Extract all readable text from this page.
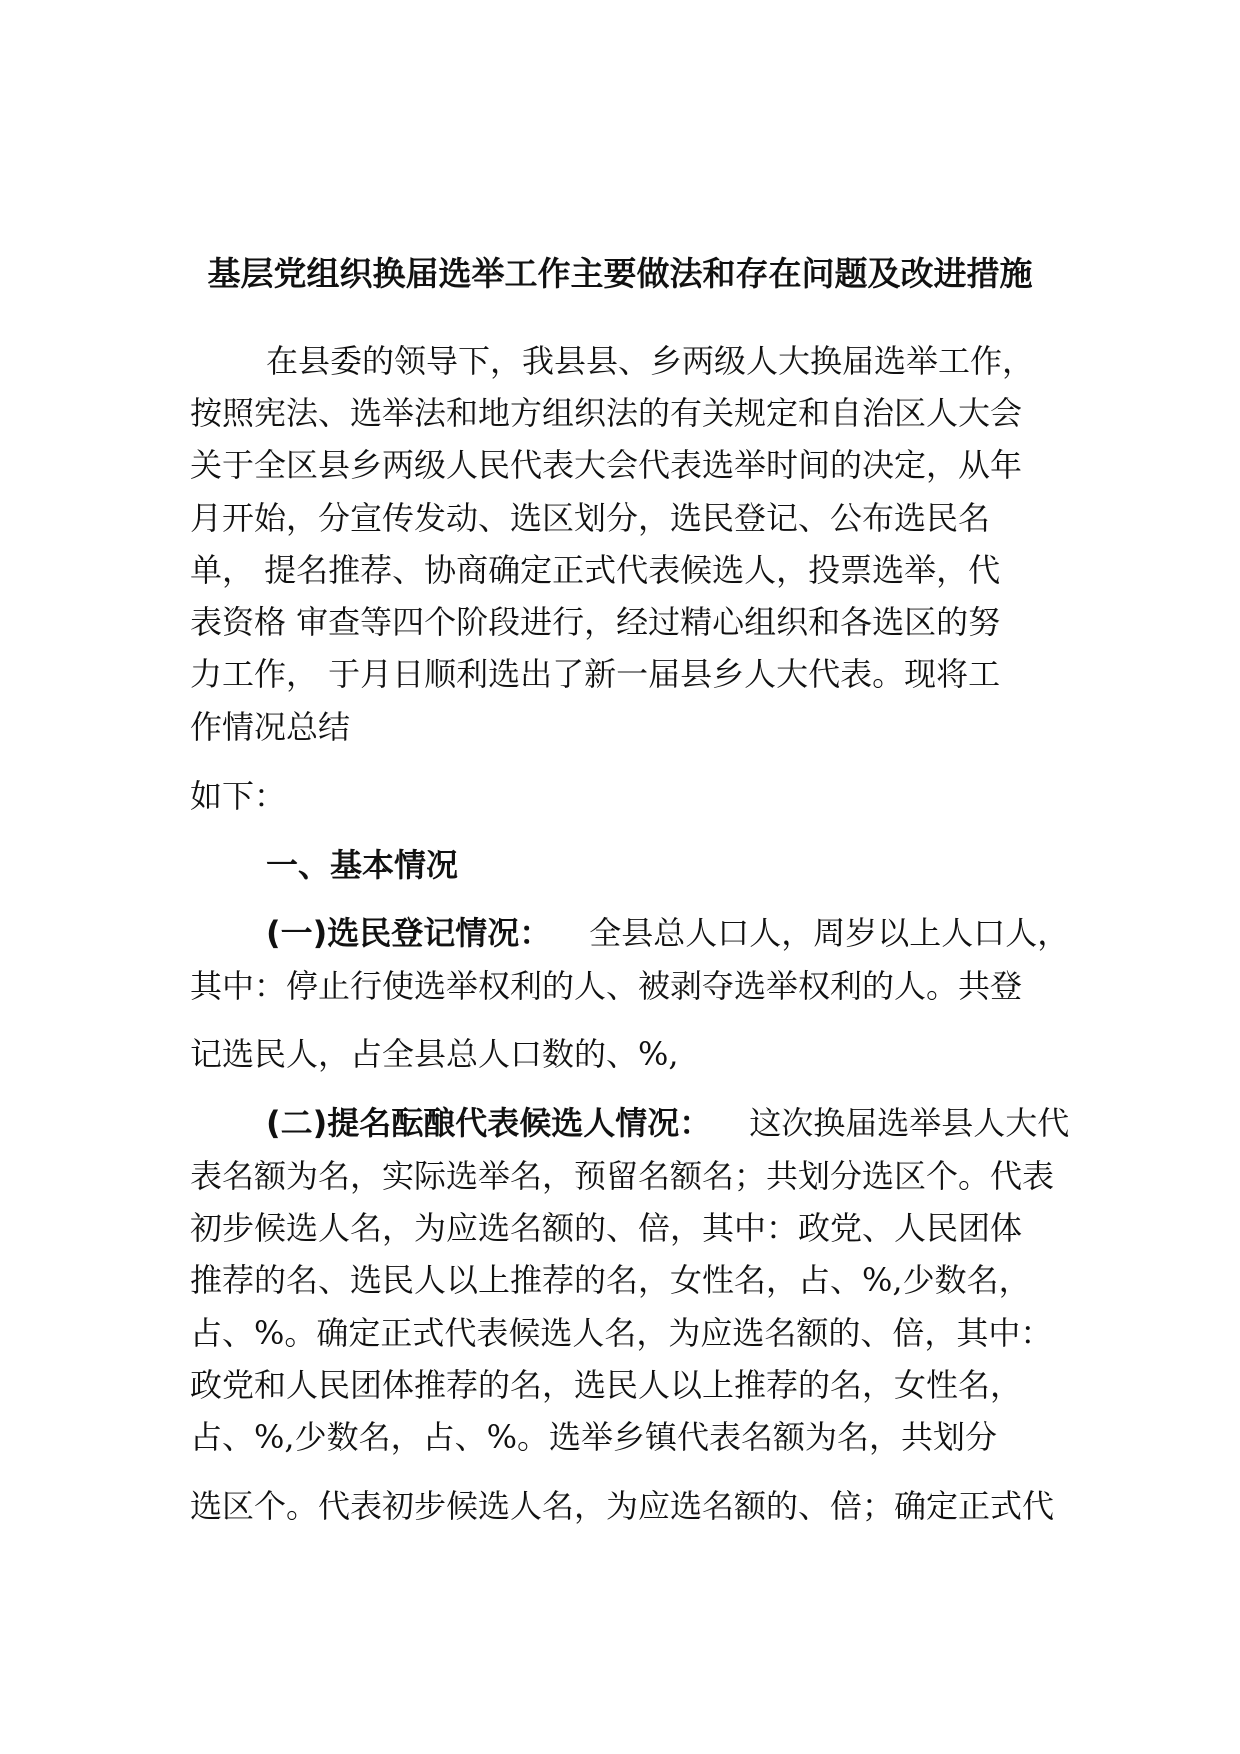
基层党组织换届选举工作主要做法和存在问题及改进措施

在县委的领导下，我县县、乡两级人大换届选举工作，

按照宪法、选举法和地方组织法的有关规定和自治区人大会

关于全区县乡两级人民代表大会代表选举时间的决定，从年

月开始，分宣传发动、选区划分，选民登记、公布选民名

单， 提名推荐、协商确定正式代表候选人，投票选举，代

表资格 审查等四个阶段进行，经过精心组织和各选区的努

力工作， 于月日顺利选出了新一届县乡人大代表。现将工

作情况总结

如下：

一、基本情况

(一)选民登记情况： 全县总人口人，周岁以上人口人，

其中：停止行使选举权利的人、被剥夺选举权利的人。共登

记选民人，占全县总人口数的、%,

(二)提名酝酿代表候选人情况： 这次换届选举县人大代

表名额为名，实际选举名，预留名额名；共划分选区个。代表

初步候选人名，为应选名额的、倍，其中：政党、人民团体

推荐的名、选民人以上推荐的名，女性名，占、%,少数名，

占、%。确定正式代表候选人名，为应选名额的、倍，其中：

政党和人民团体推荐的名，选民人以上推荐的名，女性名，

占、%,少数名，占、%。选举乡镇代表名额为名，共划分

选区个。代表初步候选人名，为应选名额的、倍；确定正式代
